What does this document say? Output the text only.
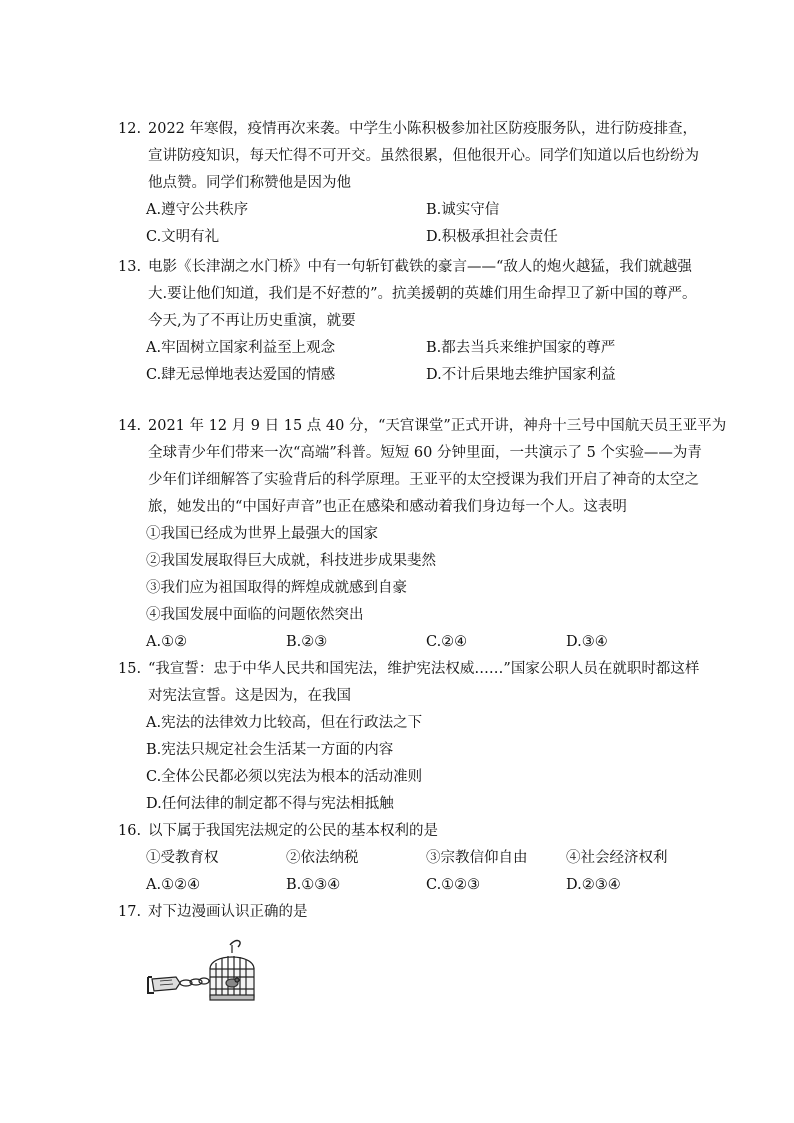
12. 2022 年寒假，疫情再次来袭。中学生小陈积极参加社区防疫服务队，进行防疫排查，
宣讲防疫知识，每天忙得不可开交。虽然很累，但他很开心。同学们知道以后也纷纷为
他点赞。同学们称赞他是因为他
A.遵守公共秩序	B.诚实守信
C.文明有礼	D.积极承担社会责任
13. 电影《长津湖之水门桥》中有一句斩钉截铁的豪言——“敌人的炮火越猛，我们就越强
大.要让他们知道，我们是不好惹的”。抗美援朝的英雄们用生命捍卫了新中国的尊严。
今天,为了不再让历史重演，就要
A.牢固树立国家利益至上观念	B.都去当兵来维护国家的尊严
C.肆无忌惮地表达爱国的情感	D.不计后果地去维护国家利益
14. 2021 年 12 月 9 日 15 点 40 分，“天宫课堂”正式开讲，神舟十三号中国航天员王亚平为
全球青少年们带来一次“高端”科普。短短 60 分钟里面，一共演示了 5 个实验——为青
少年们详细解答了实验背后的科学原理。王亚平的太空授课为我们开启了神奇的太空之
旅，她发出的“中国好声音”也正在感染和感动着我们身边每一个人。这表明
①我国已经成为世界上最强大的国家
②我国发展取得巨大成就，科技进步成果斐然
③我们应为祖国取得的辉煌成就感到自豪
④我国发展中面临的问题依然突出
A.①②	B.②③	C.②④	D.③④
15. “我宣誓：忠于中华人民共和国宪法，维护宪法权威……”国家公职人员在就职时都这样
对宪法宣誓。这是因为，在我国
A.宪法的法律效力比较高，但在行政法之下
B.宪法只规定社会生活某一方面的内容
C.全体公民都必须以宪法为根本的活动准则
D.任何法律的制定都不得与宪法相抵触
16. 以下属于我国宪法规定的公民的基本权利的是
①受教育权	②依法纳税	③宗教信仰自由	④社会经济权利
A.①②④	B.①③④	C.①②③	D.②③④
17. 对下边漫画认识正确的是
